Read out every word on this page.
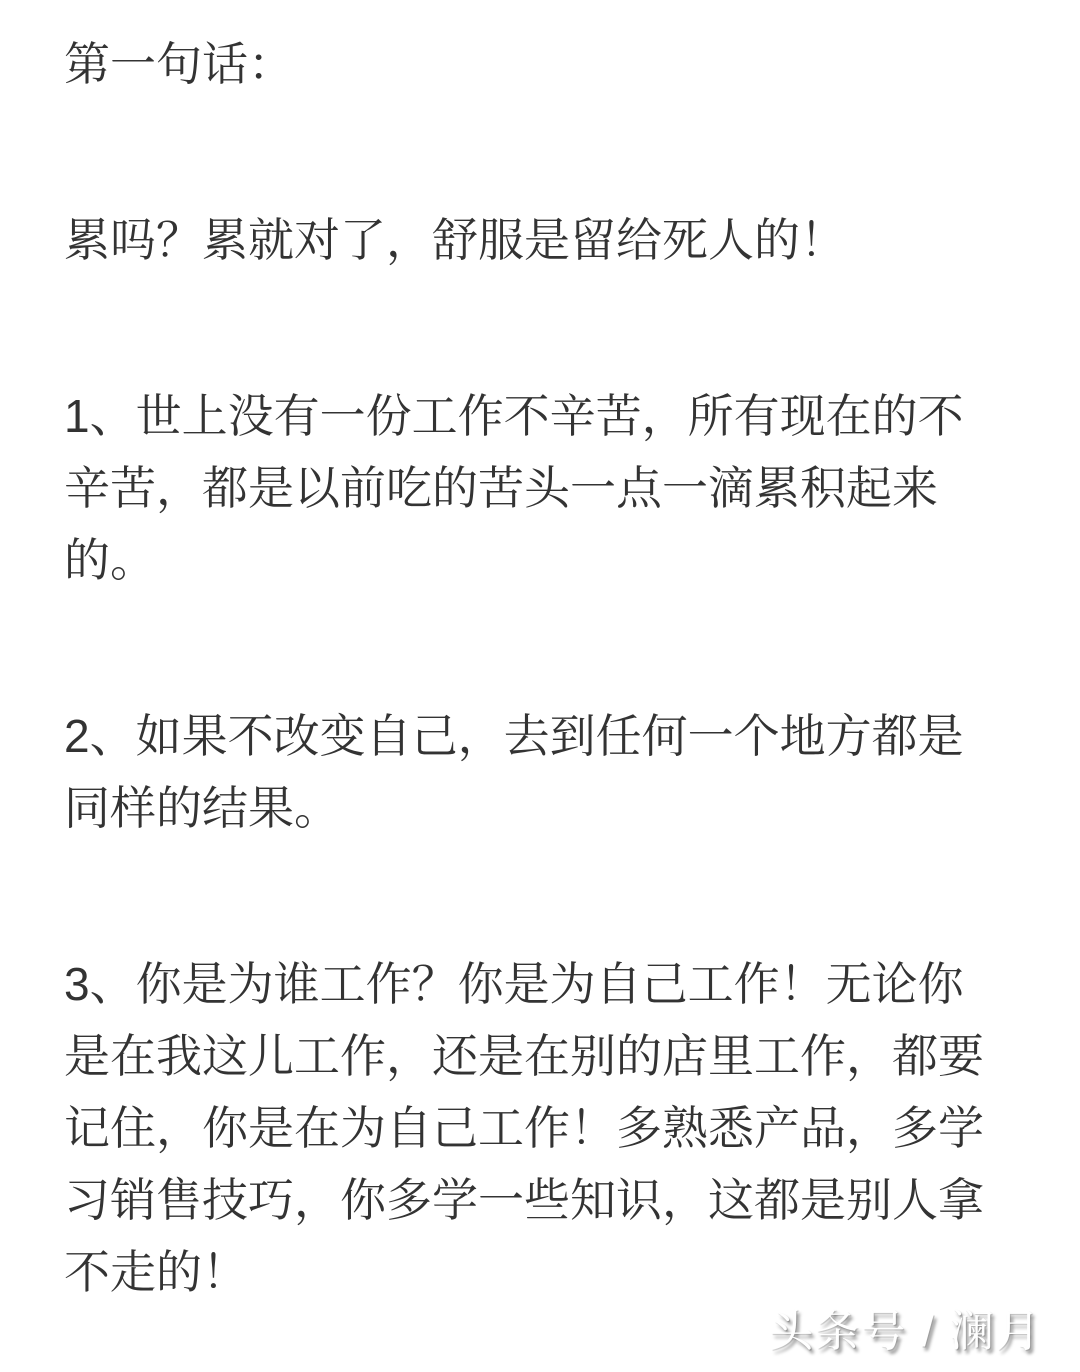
第一句话：
累吗？累就对了，舒服是留给死人的！
1、世上没有一份工作不辛苦，所有现在的不
辛苦，都是以前吃的苦头一点一滴累积起来
的。
2、如果不改变自己，去到任何一个地方都是
同样的结果。
3、你是为谁工作？你是为自己工作！无论你
是在我这儿工作，还是在别的店里工作，都要
记住，你是在为自己工作！多熟悉产品，多学
习销售技巧，你多学一些知识，这都是别人拿
不走的！
头条号 / 澜月
